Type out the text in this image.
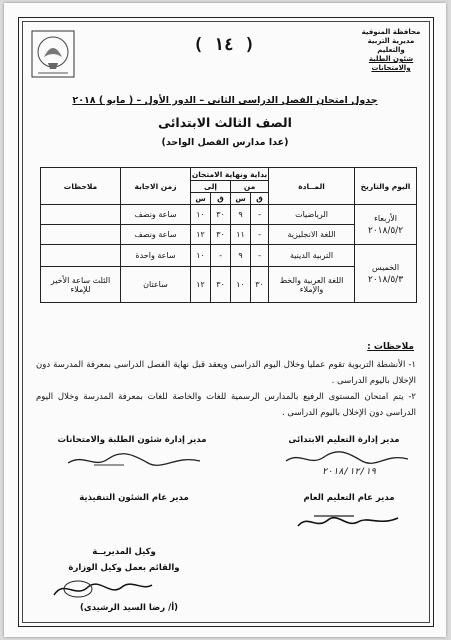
محافظة المنوفية
مديرية التربية والتعليم
شئون الطلبة والامتحانات
( ١٤ )
جدول امتحان الفصل الدراسى الثانى – الدور الأول – ( مايو ) ٢٠١٨
الصف الثالث الابتدائى
(عدا مدارس الفصل الواحد)
اليوم والتاريخ	المــادة	بداية ونهاية الامتحان				زمن الاجابة	ملاحظات
		من		إلى			
		ق	س	ق	س		

الأربعاء
٢٠١٨/٥/٢	الرياضيات	-	٩	٣٠	١٠	ساعة ونصف	
	اللغة الانجليزية	-	١١	٣٠	١٢	ساعة ونصف	

الخميس
٢٠١٨/٥/٣	التربية الدينية	-	٩	-	١٠	ساعة واحدة	
	اللغة العربية والخط والإملاء	٣٠	١٠	٣٠	١٢	ساعتان	الثلث ساعة الأخير للإملاء
ملاحظات :
١- الأنشطة التربوية تقوم عمليا وخلال اليوم الدراسى ويعقد قبل نهاية الفصل الدراسى بمعرفة المدرسة دون الإخلال باليوم الدراسى .
٢- يتم امتحان المستوى الرفيع بالمدارس الرسمية للغات والخاصة للغات بمعرفة المدرسة وخلال اليوم الدراسى دون الإخلال باليوم الدراسى .
مدير إدارة التعليم الابتدائى
مدير إدارة شئون الطلبة والامتحانات
٢٠١٨/١٢/١٩
مدير عام التعليم العام
مدير عام الشئون التنفيذية
وكيل المديريــة
والقائم بعمل وكيل الوزارة
(أ/ رضا السيد الرشيدى)
